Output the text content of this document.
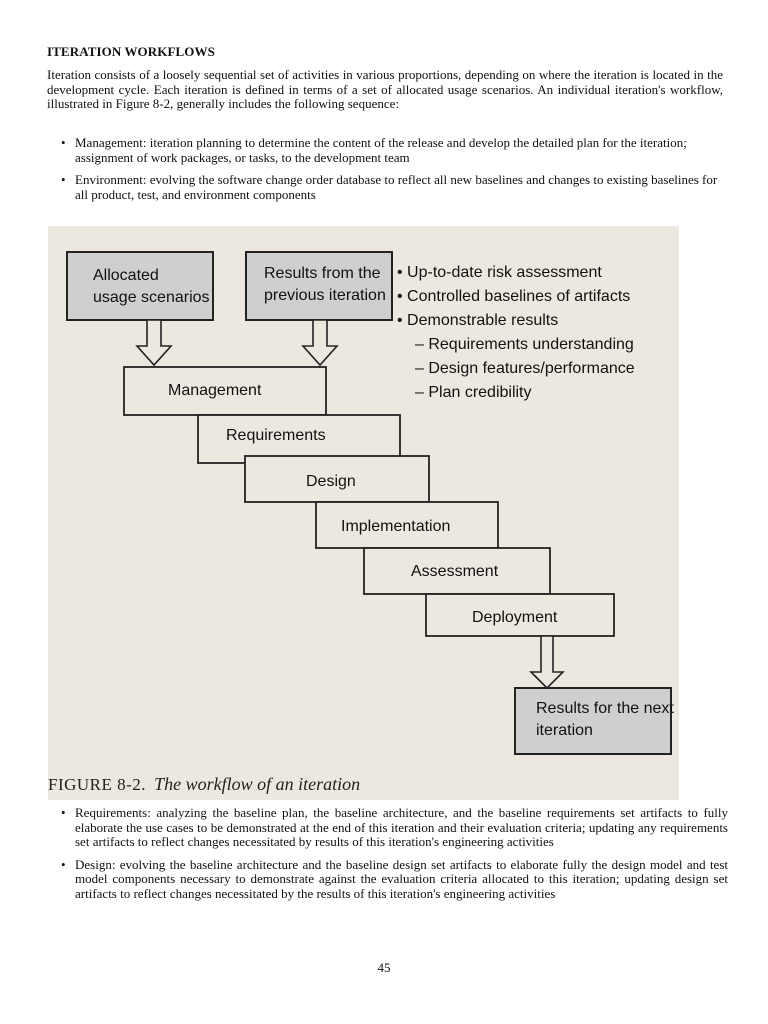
ITERATION WORKFLOWS

Iteration consists of a loosely sequential set of activities in various proportions, depending on where the iteration is located in the development cycle. Each iteration is defined in terms of a set of allocated usage scenarios. An individual iteration's workflow, illustrated in Figure 8-2, generally includes the following sequence:

• Management: iteration planning to determine the content of the release and develop the detailed plan for the iteration; assignment of work packages, or tasks, to the development team
• Environment: evolving the software change order database to reflect all new baselines and changes to existing baselines for all product, test, and environment components
Allocated
usage scenarios
Results from the
previous iteration
• Up-to-date risk assessment
• Controlled baselines of artifacts
• Demonstrable results
– Requirements understanding
– Design features/performance
– Plan credibility
Management
Requirements
Design
Implementation
Assessment
Deployment
Results for the next
iteration
FIGURE 8-2. The workflow of an iteration
• Requirements: analyzing the baseline plan, the baseline architecture, and the baseline requirements set artifacts to fully elaborate the use cases to be demonstrated at the end of this iteration and their evaluation criteria; updating any requirements set artifacts to reflect changes necessitated by results of this iteration's engineering activities
• Design: evolving the baseline architecture and the baseline design set artifacts to elaborate fully the design model and test model components necessary to demonstrate against the evaluation criteria allocated to this iteration; updating design set artifacts to reflect changes necessitated by the results of this iteration's engineering activities
45
